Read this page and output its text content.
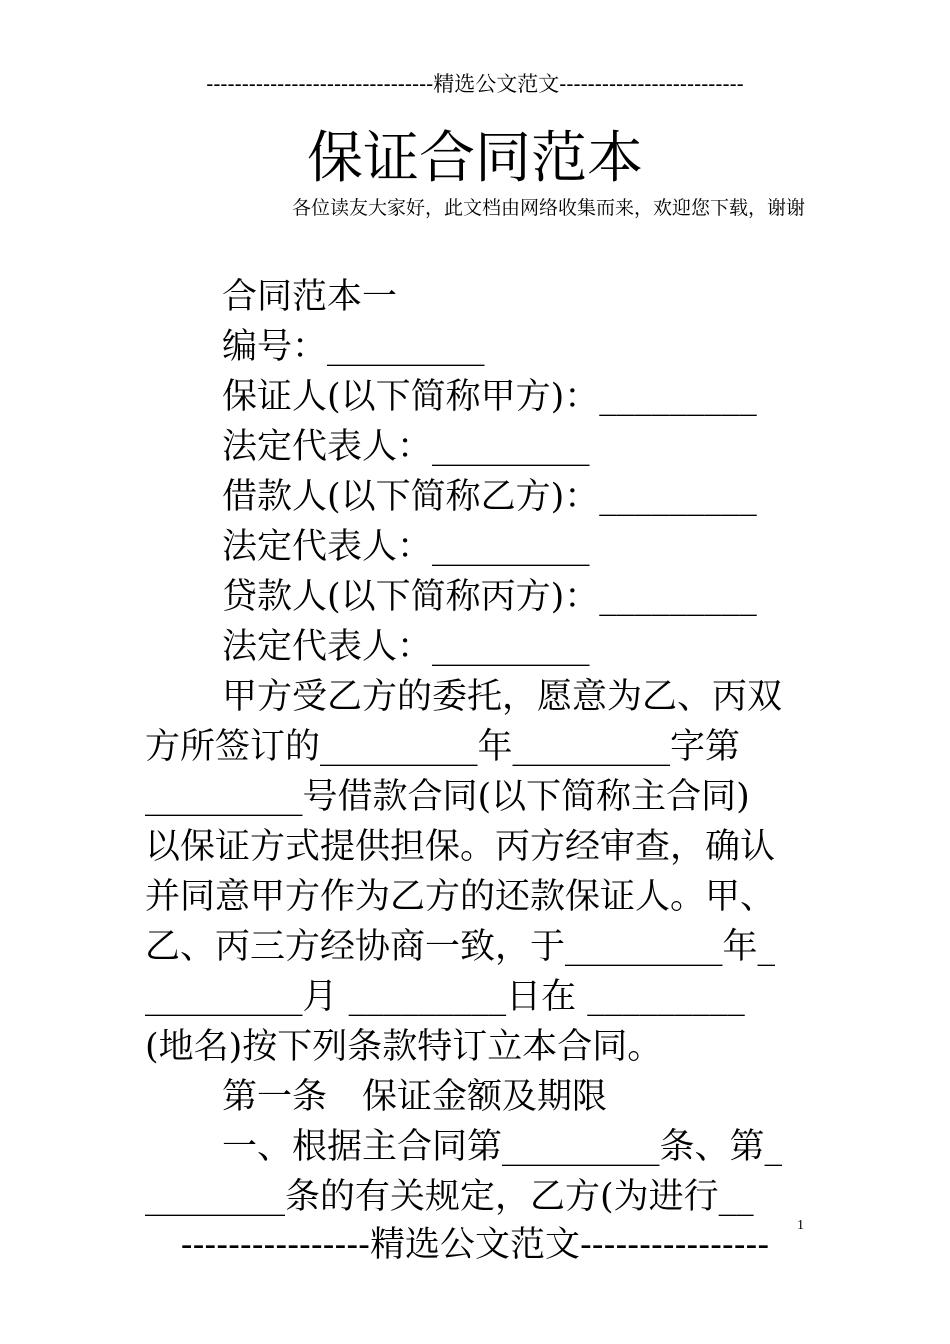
--------------------------------精选公文范文--------------------------
保证合同范本
各位读友大家好，此文档由网络收集而来，欢迎您下载，谢谢
合同范本一
编号：_________
保证人(以下简称甲方)：_________
法定代表人：_________
借款人(以下简称乙方)：_________
法定代表人：_________
贷款人(以下简称丙方)：_________
法定代表人：_________
甲方受乙方的委托，愿意为乙、丙双
方所签订的_________年_________字第
_________号借款合同(以下简称主合同)
以保证方式提供担保。丙方经审查，确认
并同意甲方作为乙方的还款保证人。甲、
乙、丙三方经协商一致，于_________年_
_________月 _________日在 _________
(地名)按下列条款特订立本合同。
第一条　保证金额及期限
一、根据主合同第_________条、第_
________条的有关规定，乙方(为进行__
----------------精选公文范文----------------	1
